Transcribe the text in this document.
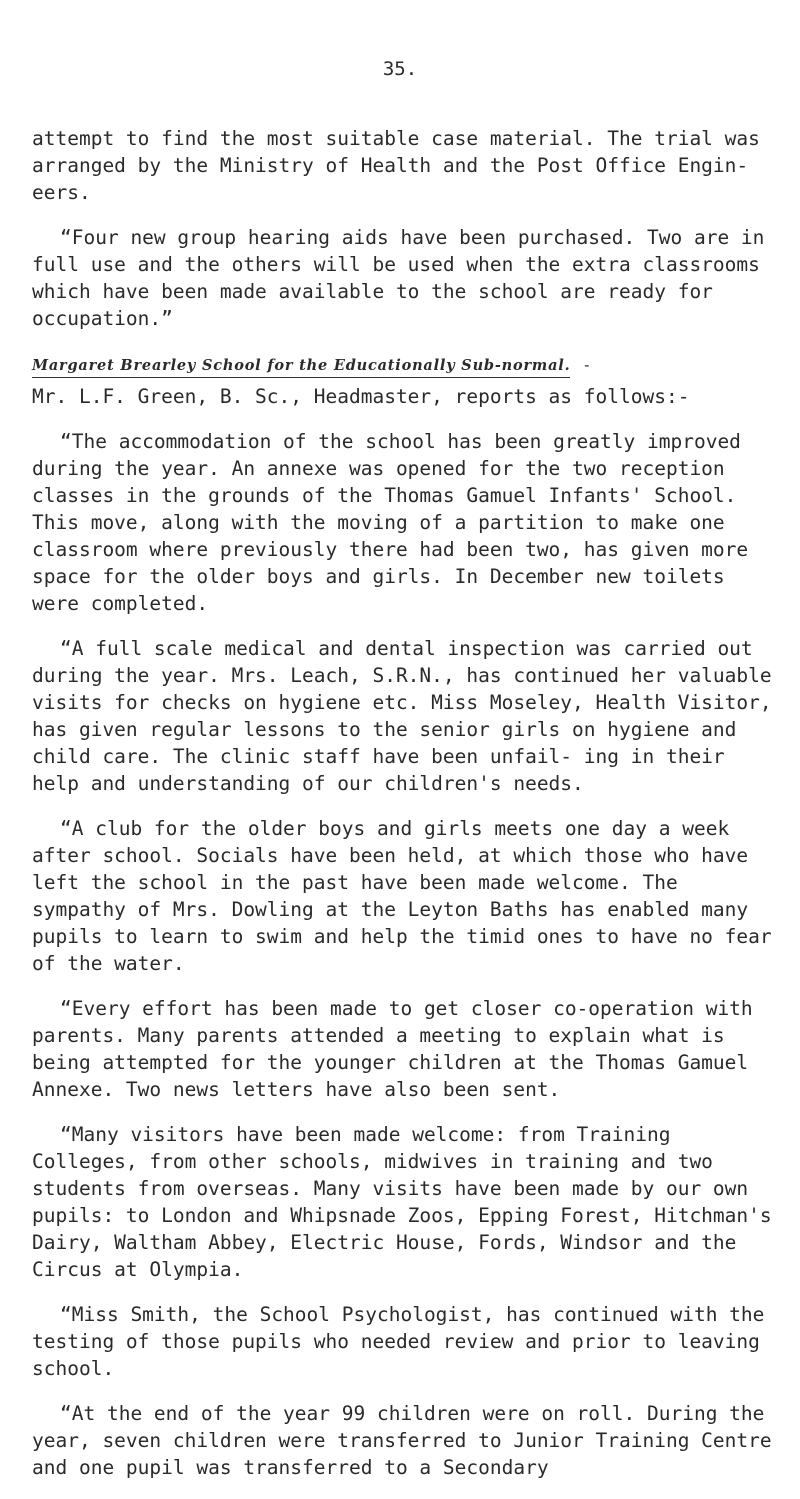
35.

attempt to find the most suitable case material. The trial was arranged by the Ministry of Health and the Post Office Engin- eers.

“Four new group hearing aids have been purchased. Two are in full use and the others will be used when the extra classrooms which have been made available to the school are ready for occupation.”

Margaret Brearley School for the Educationally Sub-normal. -
Mr. L.F. Green, B. Sc., Headmaster, reports as follows:-

“The accommodation of the school has been greatly improved during the year. An annexe was opened for the two reception classes in the grounds of the Thomas Gamuel Infants' School. This move, along with the moving of a partition to make one classroom where previously there had been two, has given more space for the older boys and girls. In December new toilets were completed.

“A full scale medical and dental inspection was carried out during the year. Mrs. Leach, S.R.N., has continued her valuable visits for checks on hygiene etc. Miss Moseley, Health Visitor, has given regular lessons to the senior girls on hygiene and child care. The clinic staff have been unfail- ing in their help and understanding of our children's needs.

“A club for the older boys and girls meets one day a week after school. Socials have been held, at which those who have left the school in the past have been made welcome. The sympathy of Mrs. Dowling at the Leyton Baths has enabled many pupils to learn to swim and help the timid ones to have no fear of the water.

“Every effort has been made to get closer co-operation with parents. Many parents attended a meeting to explain what is being attempted for the younger children at the Thomas Gamuel Annexe. Two news letters have also been sent.

“Many visitors have been made welcome: from Training Colleges, from other schools, midwives in training and two students from overseas. Many visits have been made by our own pupils: to London and Whipsnade Zoos, Epping Forest, Hitchman's Dairy, Waltham Abbey, Electric House, Fords, Windsor and the Circus at Olympia.

“Miss Smith, the School Psychologist, has continued with the testing of those pupils who needed review and prior to leaving school.

“At the end of the year 99 children were on roll. During the year, seven children were transferred to Junior Training Centre and one pupil was transferred to a Secondary
